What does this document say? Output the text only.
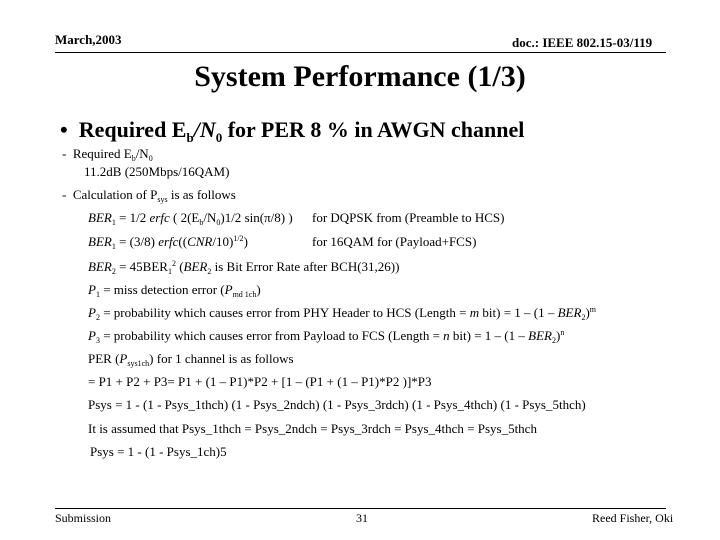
March,2003	doc.: IEEE 802.15-03/119
System Performance (1/3)
• Required $E_b/N_0$ for PER 8 % in AWGN channel
- Required $E_b/N_0$
11.2dB (250Mbps/16QAM)
- Calculation of $P_{sys}$ is as follows
$BER_1 = 1/2$ erfc ( $2(E_b/N_0)1/2$ sin(π/8) ) for DQPSK from (Preamble to HCS)
$BER_1 = (3/8)$ $erfc((CNR/10)^{1/2})$	for 16QAM for (Payload+FCS)
$BER_2 = 45BER_1^2$ ($BER_2$ is Bit Error Rate after BCH(31,26))
$P_1$ = miss detection error $(P_{md 1ch})$
$P_2$ = probability which causes error from PHY Header to HCS (Length = m $bit) = 1 - (1 - BER_2)^m$
$P_3$ = probability which causes error from Payload to FCS (Length = n $bit) = 1 - (1 - BER_2)^n$
PER $(P_{sys1ch})$ for 1 channel is as follows
= P1 + P2 + P3= P1 + (1 – P1)*P2 + [1 – (P1 + (1 – P1)*P2 )]*P3
Psys = 1 - (1 - Psys_1thch) (1 - Psys_2ndch) (1 - Psys_3rdch) (1 - Psys_4thch) (1 - Psys_5thch)
It is assumed that Psys_1thch = Psys_2ndch = Psys_3rdch = Psys_4thch = Psys_5thch
Psys = 1 - (1 - Psys_1ch)5
Submission	31	Reed Fisher, Oki
